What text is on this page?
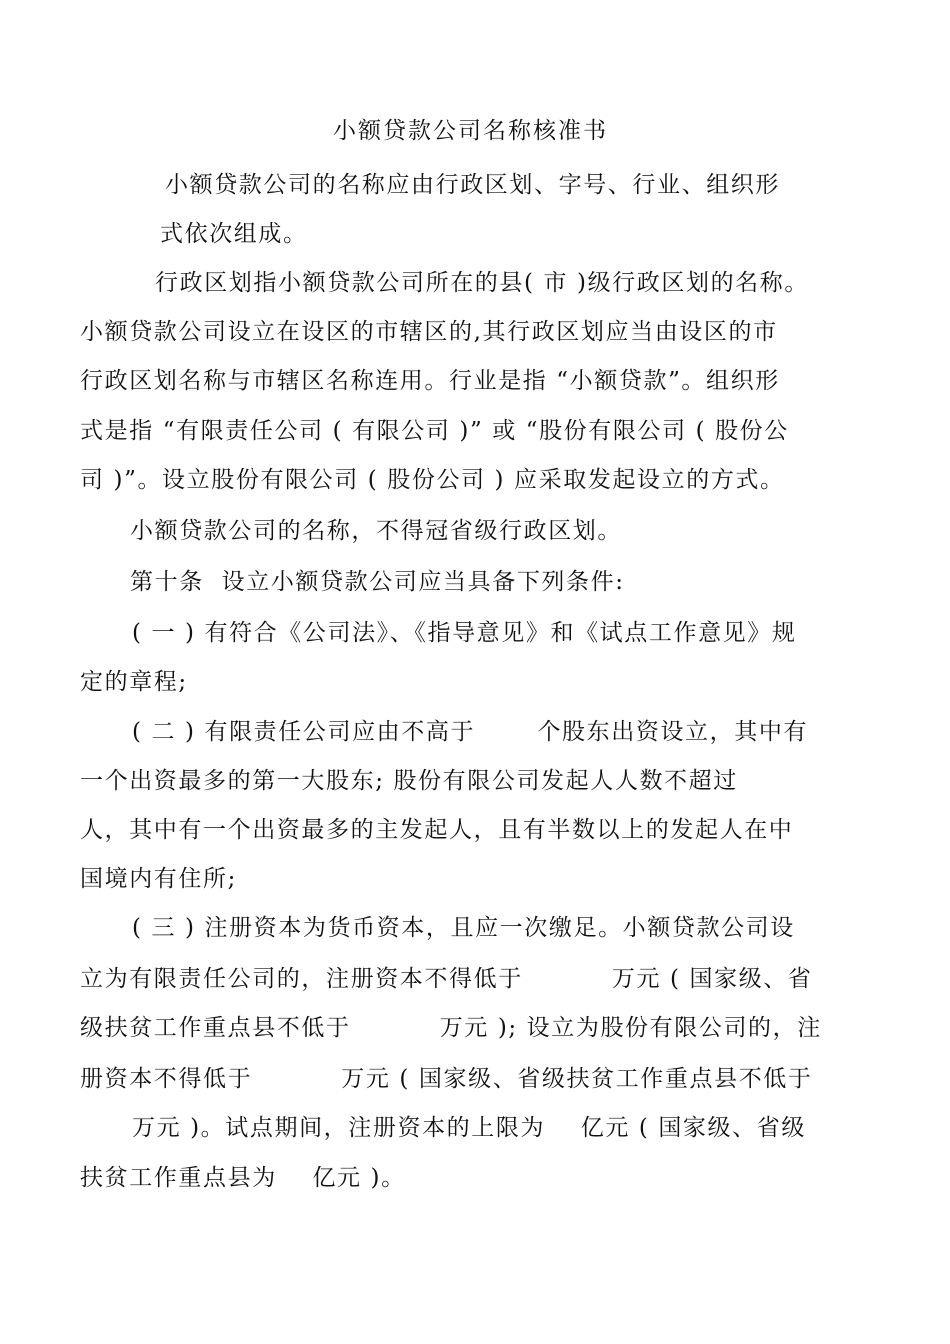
小额贷款公司名称核准书
小额贷款公司的名称应由行政区划、字号、行业、组织形
式依次组成。
行政区划指小额贷款公司所在的县( 市 )级行政区划的名称。
小额贷款公司设立在设区的市辖区的,其行政区划应当由设区的市
行政区划名称与市辖区名称连用。行业是指 “小额贷款”。组织形
式是指 “有限责任公司 ( 有限公司 )” 或 “股份有限公司 ( 股份公
司 )”。设立股份有限公司 ( 股份公司 ) 应采取发起设立的方式。
小额贷款公司的名称，不得冠省级行政区划。
第十条  设立小额贷款公司应当具备下列条件:
( 一 ) 有符合《公司法》、《指导意见》和《试点工作意见》规
定的章程;
( 二 ) 有限责任公司应由不高于       个股东出资设立，其中有
一个出资最多的第一大股东; 股份有限公司发起人人数不超过
人，其中有一个出资最多的主发起人，且有半数以上的发起人在中
国境内有住所;
( 三 ) 注册资本为货币资本，且应一次缴足。小额贷款公司设
立为有限责任公司的，注册资本不得低于          万元 ( 国家级、省
级扶贫工作重点县不低于          万元 ); 设立为股份有限公司的，注
册资本不得低于          万元 ( 国家级、省级扶贫工作重点县不低于
万元 )。试点期间，注册资本的上限为    亿元 ( 国家级、省级
扶贫工作重点县为    亿元 )。
